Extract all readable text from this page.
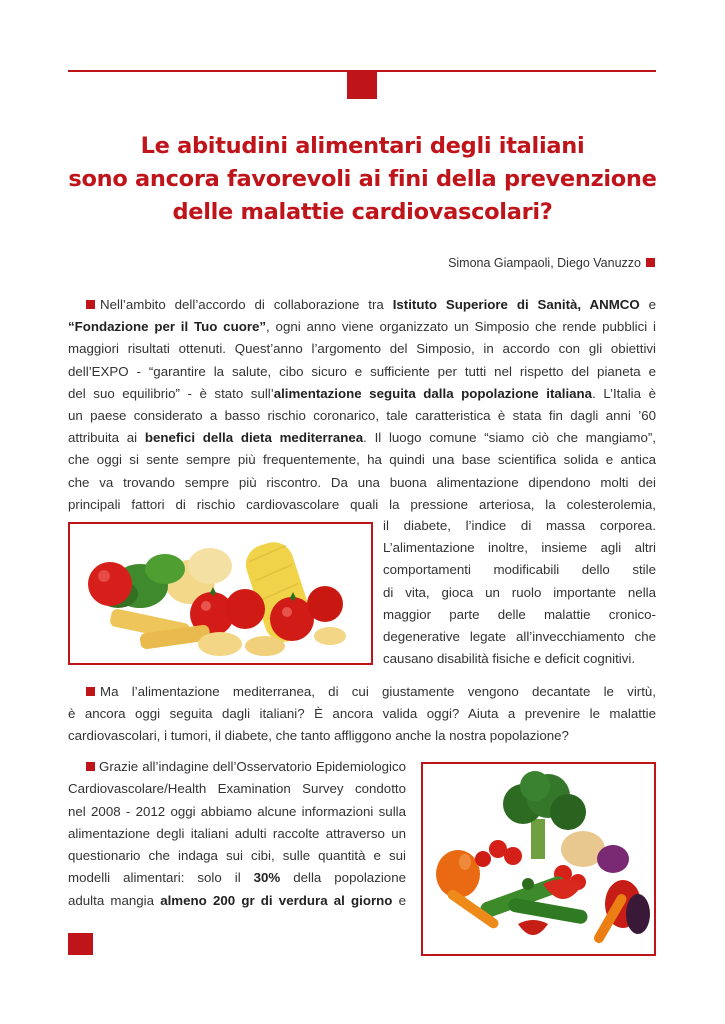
Le abitudini alimentari degli italiani
sono ancora favorevoli ai fini della prevenzione
delle malattie cardiovascolari?
Simona Giampaoli, Diego Vanuzzo
Nell’ambito dell’accordo di collaborazione tra Istituto Superiore di Sanità, ANMCO e
“Fondazione per il Tuo cuore”, ogni anno viene organizzato un Simposio che rende pubblici i
maggiori risultati ottenuti. Quest’anno l’argomento del Simposio, in accordo con gli obiettivi
dell’EXPO - “garantire la salute, cibo sicuro e sufficiente per tutti nel rispetto del pianeta e
del suo equilibrio” - è stato sull’alimentazione seguita dalla popolazione italiana. L’Italia è
un paese considerato a basso rischio coronarico, tale caratteristica è stata fin dagli anni ’60
attribuita ai benefici della dieta mediterranea. Il luogo comune “siamo ciò che mangiamo”,
che oggi si sente sempre più frequentemente, ha quindi una base scientifica solida e antica
che va trovando sempre più riscontro. Da una buona alimentazione dipendono molti dei
principali fattori di rischio cardiovascolare quali la pressione arteriosa, la colesterolemia,
il diabete, l’indice di massa corporea.
L’alimentazione inoltre, insieme agli altri
comportamenti modificabili dello stile
di vita, gioca un ruolo importante nella
maggior parte delle malattie cronico-
degenerative legate all’invecchiamento che
causano disabilità fisiche e deficit cognitivi.
Ma l’alimentazione mediterranea, di cui giustamente vengono decantate le virtù,
è ancora oggi seguita dagli italiani? È ancora valida oggi? Aiuta a prevenire le malattie
cardiovascolari, i tumori, il diabete, che tanto affliggono anche la nostra popolazione?
Grazie all’indagine dell’Osservatorio Epidemiologico
Cardiovascolare/Health Examination Survey condotto
nel 2008 - 2012 oggi abbiamo alcune informazioni sulla
alimentazione degli italiani adulti raccolte attraverso un
questionario che indaga sui cibi, sulle quantità e sui
modelli alimentari: solo il 30% della popolazione
adulta mangia almeno 200 gr di verdura al giorno e
